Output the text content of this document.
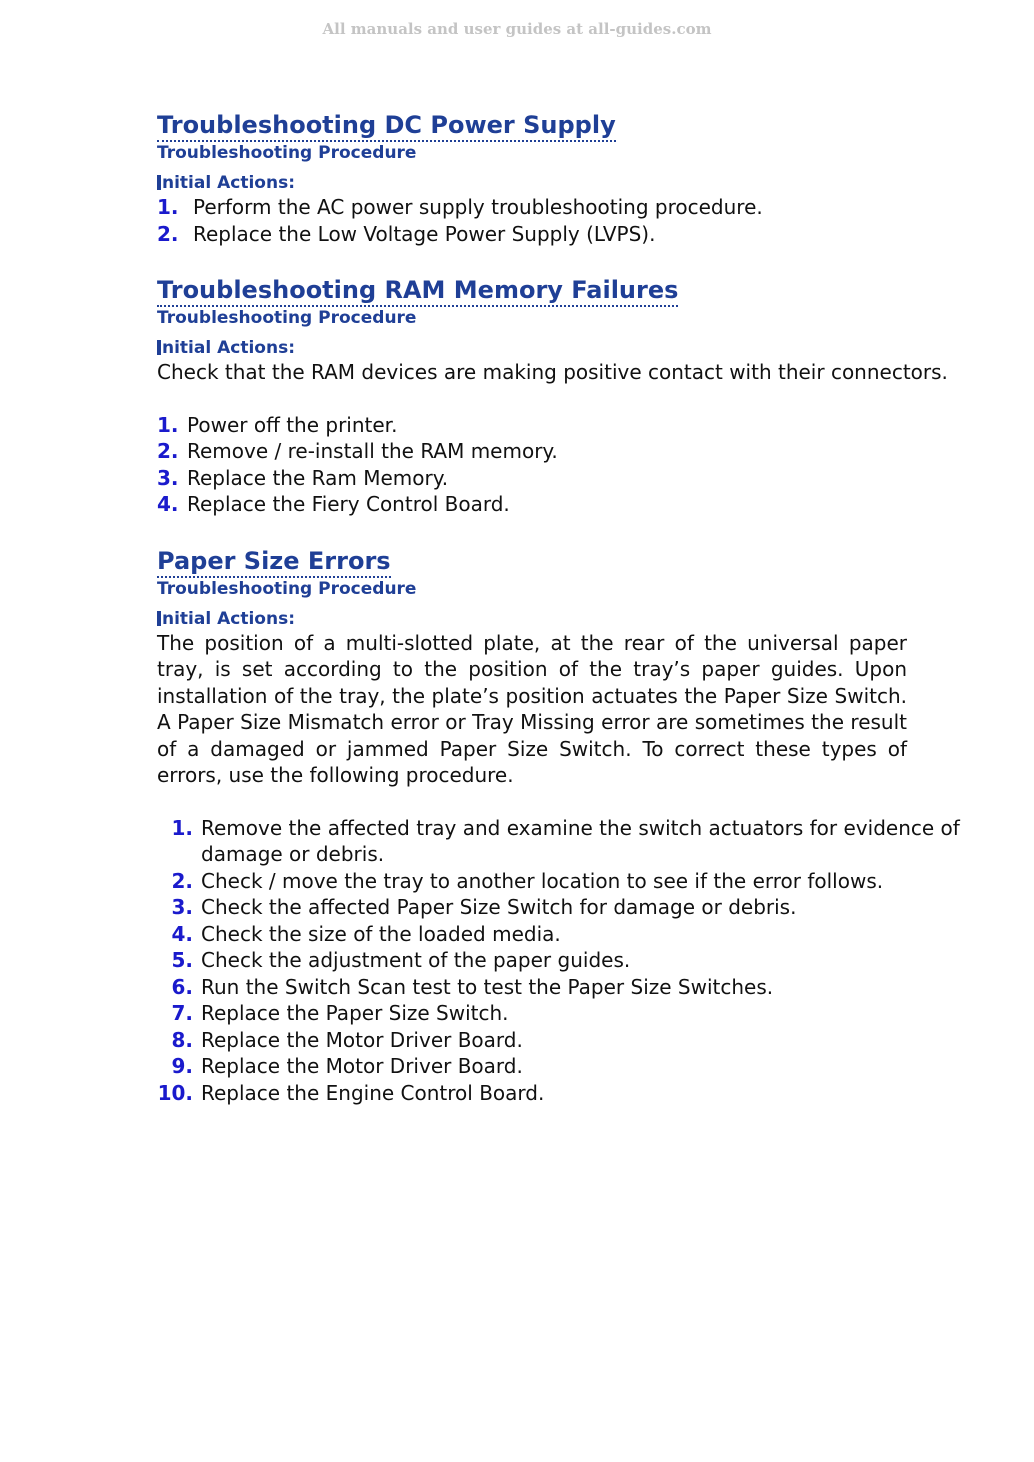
All manuals and user guides at all-guides.com
Troubleshooting DC Power Supply
Troubleshooting Procedure
nitial Actions:
1. Perform the AC power supply troubleshooting procedure.
2. Replace the Low Voltage Power Supply (LVPS).
Troubleshooting RAM Memory Failures
Troubleshooting Procedure
nitial Actions:

Check that the RAM devices are making positive contact with their connectors.

1. Power off the printer.
2. Remove / re-install the RAM memory.
3. Replace the Ram Memory.
4. Replace the Fiery Control Board.
Paper Size Errors
Troubleshooting Procedure
nitial Actions:

The position of a multi-slotted plate, at the rear of the universal paper tray, is set according to the position of the tray’s paper guides. Upon installation of the tray, the plate’s position actuates the Paper Size Switch. A Paper Size Mismatch error or Tray Missing error are sometimes the result of a damaged or jammed Paper Size Switch. To correct these types of errors, use the following procedure.

1. Remove the affected tray and examine the switch actuators for evidence of damage or debris.
2. Check / move the tray to another location to see if the error follows.
3. Check the affected Paper Size Switch for damage or debris.
4. Check the size of the loaded media.
5. Check the adjustment of the paper guides.
6. Run the Switch Scan test to test the Paper Size Switches.
7. Replace the Paper Size Switch.
8. Replace the Motor Driver Board.
9. Replace the Motor Driver Board.
10. Replace the Engine Control Board.
